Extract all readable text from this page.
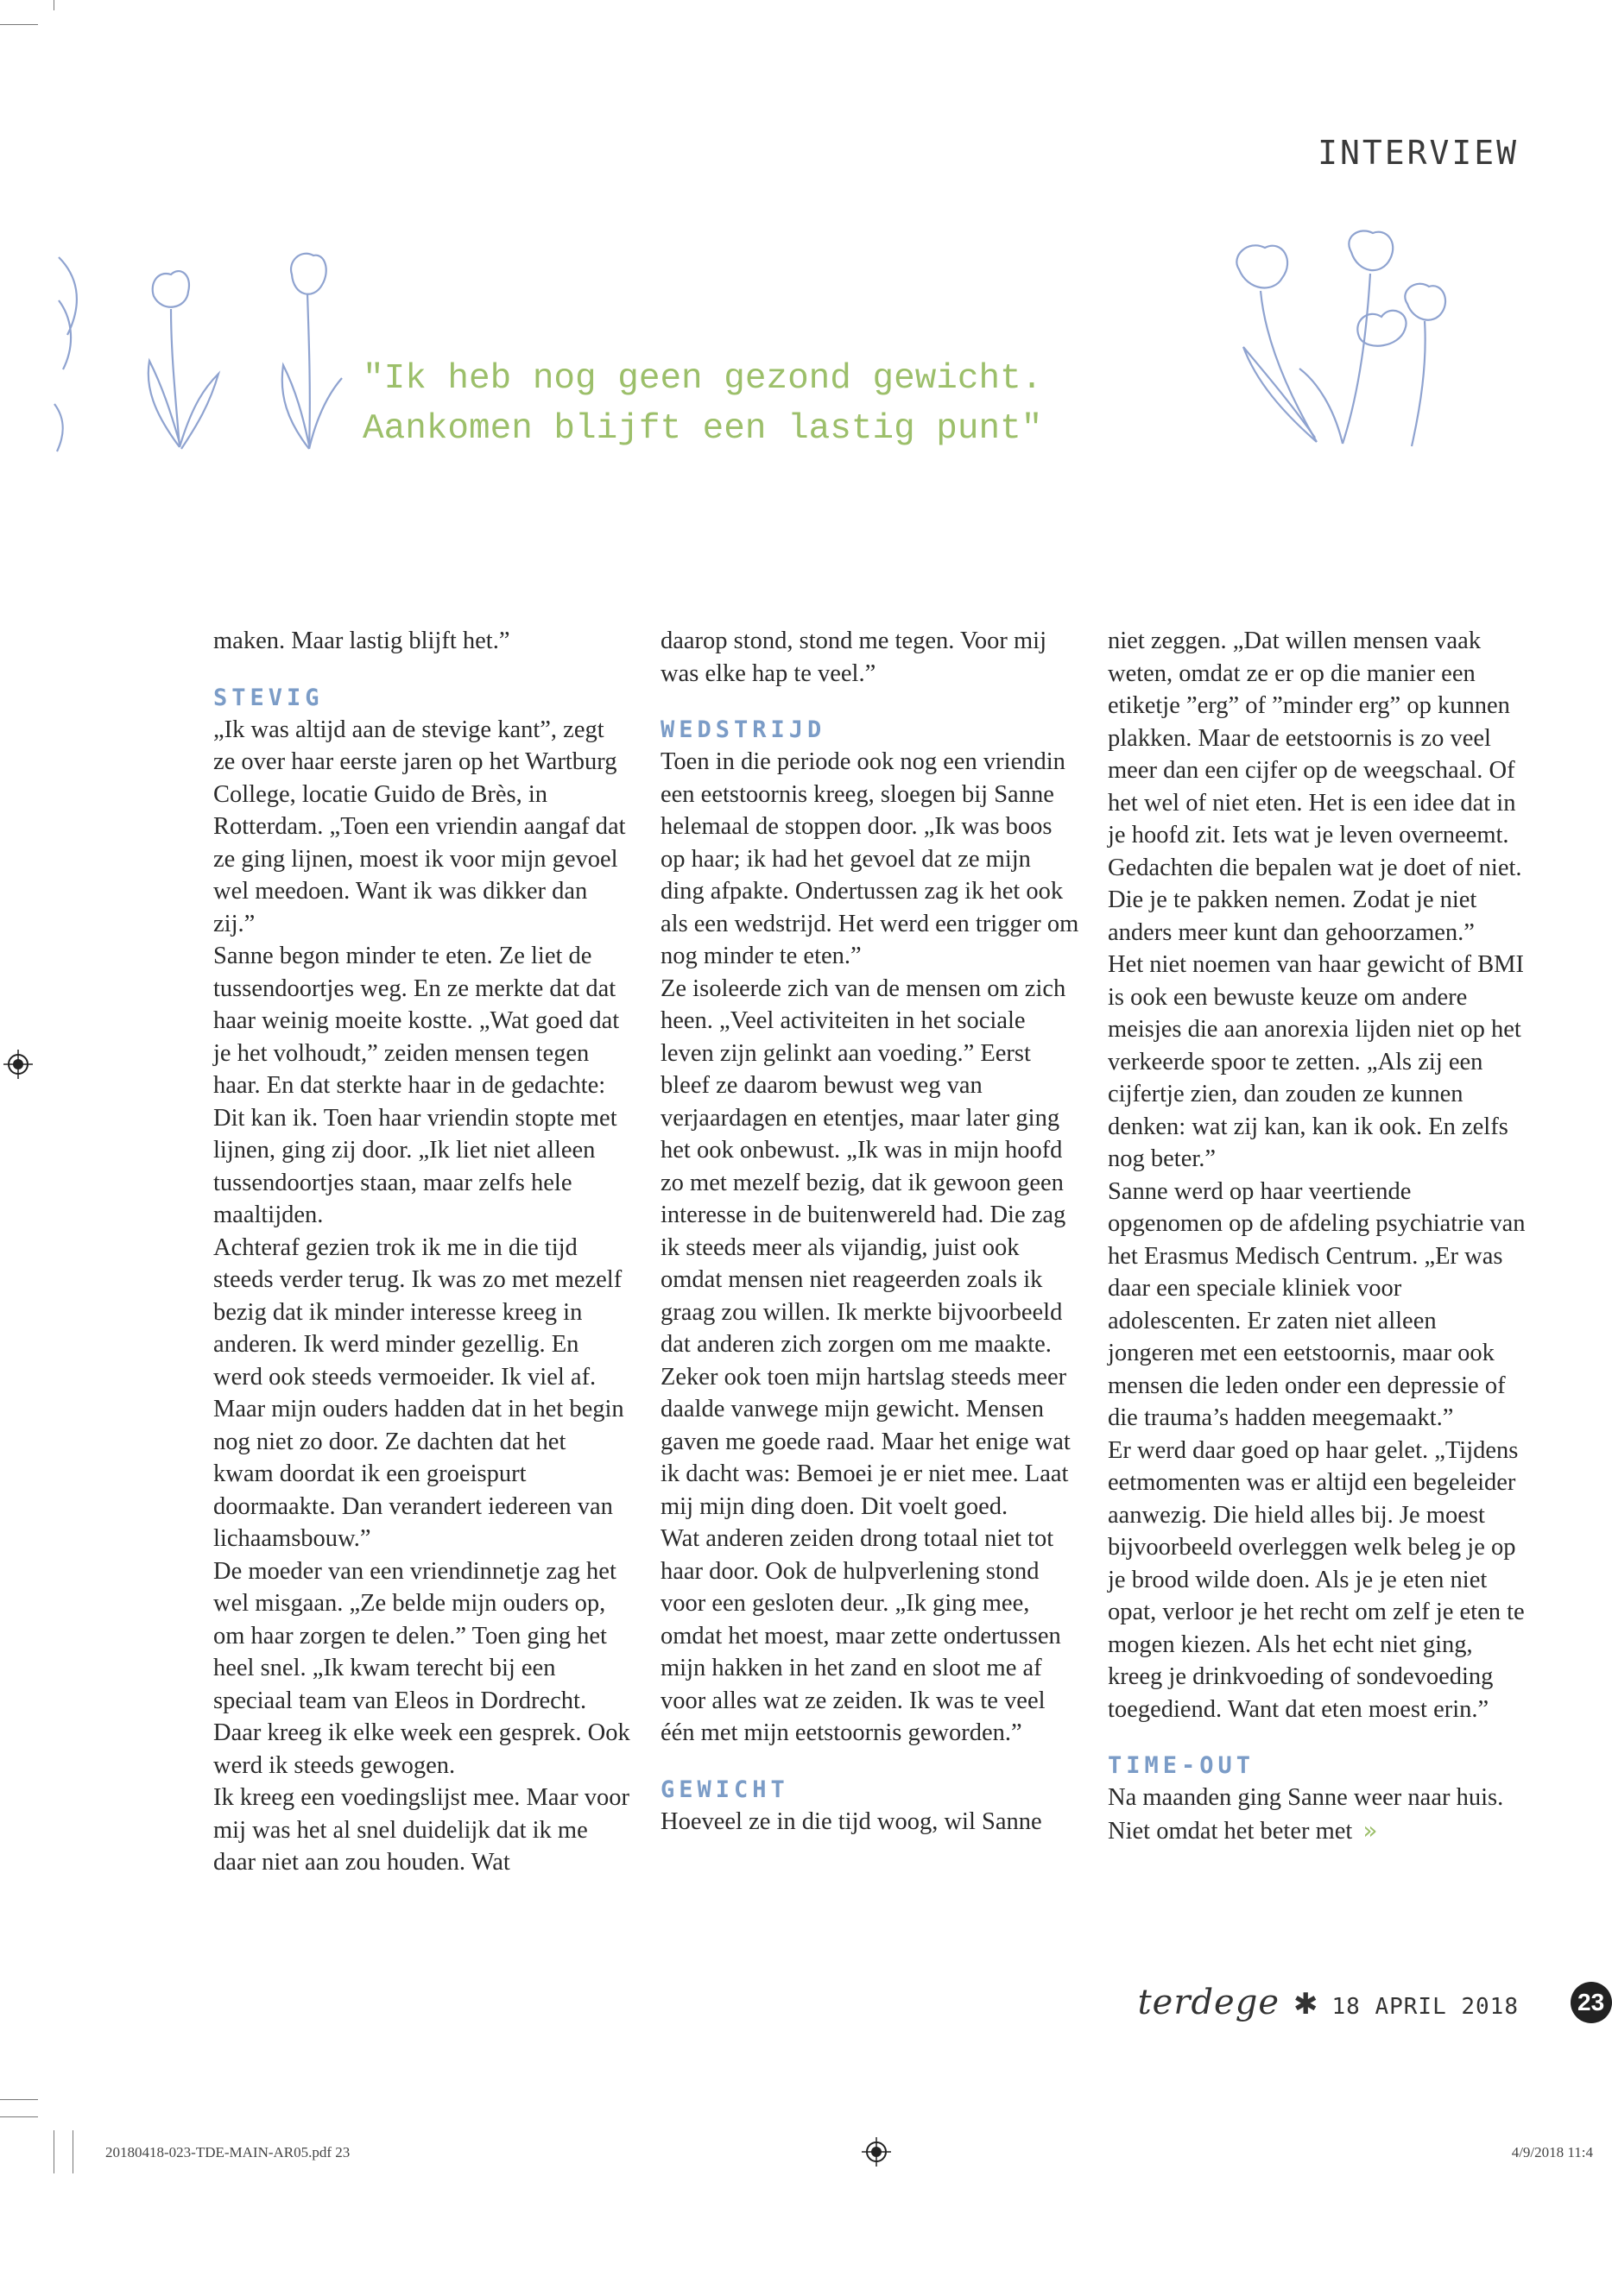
INTERVIEW
"Ik heb nog geen gezond gewicht.
Aankomen blijft een lastig punt"

maken. Maar lastig blijft het.”

STEVIG

„Ik was altijd aan de stevige kant”, zegt ze over haar eerste jaren op het Wartburg College, locatie Guido de Brès, in Rotterdam. „Toen een vriendin aangaf dat ze ging lijnen, moest ik voor mijn gevoel wel meedoen. Want ik was dikker dan zij.”

Sanne begon minder te eten. Ze liet de tussendoortjes weg. En ze merkte dat dat haar weinig moeite kostte. „Wat goed dat je het volhoudt,” zeiden mensen tegen haar. En dat sterkte haar in de gedachte: Dit kan ik. Toen haar vriendin stopte met lijnen, ging zij door. „Ik liet niet alleen tussendoortjes staan, maar zelfs hele maaltijden.

Achteraf gezien trok ik me in die tijd steeds verder terug. Ik was zo met mezelf bezig dat ik minder interesse kreeg in anderen. Ik werd minder gezellig. En werd ook steeds vermoeider. Ik viel af. Maar mijn ouders hadden dat in het begin nog niet zo door. Ze dachten dat het kwam doordat ik een groeispurt doormaakte. Dan verandert iedereen van lichaamsbouw.”

De moeder van een vriendinnetje zag het wel misgaan. „Ze belde mijn ouders op, om haar zorgen te delen.” Toen ging het heel snel. „Ik kwam terecht bij een speciaal team van Eleos in Dordrecht. Daar kreeg ik elke week een gesprek. Ook werd ik steeds gewogen.

Ik kreeg een voedingslijst mee. Maar voor mij was het al snel duidelijk dat ik me daar niet aan zou houden. Wat

daarop stond, stond me tegen. Voor mij was elke hap te veel.”

WEDSTRIJD

Toen in die periode ook nog een vriendin een eetstoornis kreeg, sloegen bij Sanne helemaal de stoppen door. „Ik was boos op haar; ik had het gevoel dat ze mijn ding afpakte. Ondertussen zag ik het ook als een wedstrijd. Het werd een trigger om nog minder te eten.”

Ze isoleerde zich van de mensen om zich heen. „Veel activiteiten in het sociale leven zijn gelinkt aan voeding.” Eerst bleef ze daarom bewust weg van verjaardagen en etentjes, maar later ging het ook onbewust. „Ik was in mijn hoofd zo met mezelf bezig, dat ik gewoon geen interesse in de buitenwereld had. Die zag ik steeds meer als vijandig, juist ook omdat mensen niet reageerden zoals ik graag zou willen. Ik merkte bijvoorbeeld dat anderen zich zorgen om me maakte. Zeker ook toen mijn hartslag steeds meer daalde vanwege mijn gewicht. Mensen gaven me goede raad. Maar het enige wat ik dacht was: Bemoei je er niet mee. Laat mij mijn ding doen. Dit voelt goed.

Wat anderen zeiden drong totaal niet tot haar door. Ook de hulpverlening stond voor een gesloten deur. „Ik ging mee, omdat het moest, maar zette ondertussen mijn hakken in het zand en sloot me af voor alles wat ze zeiden. Ik was te veel één met mijn eetstoornis geworden.”

GEWICHT

Hoeveel ze in die tijd woog, wil Sanne

niet zeggen. „Dat willen mensen vaak weten, omdat ze er op die manier een etiketje ”erg” of ”minder erg” op kunnen plakken. Maar de eetstoornis is zo veel meer dan een cijfer op de weegschaal. Of het wel of niet eten. Het is een idee dat in je hoofd zit. Iets wat je leven overneemt. Gedachten die bepalen wat je doet of niet. Die je te pakken nemen. Zodat je niet anders meer kunt dan gehoorzamen.”

Het niet noemen van haar gewicht of BMI is ook een bewuste keuze om andere meisjes die aan anorexia lijden niet op het verkeerde spoor te zetten. „Als zij een cijfertje zien, dan zouden ze kunnen denken: wat zij kan, kan ik ook. En zelfs nog beter.”

Sanne werd op haar veertiende opgenomen op de afdeling psychiatrie van het Erasmus Medisch Centrum. „Er was daar een speciale kliniek voor adolescenten. Er zaten niet alleen jongeren met een eetstoornis, maar ook mensen die leden onder een depressie of die trauma’s hadden meegemaakt.”

Er werd daar goed op haar gelet. „Tijdens eetmomenten was er altijd een begeleider aanwezig. Die hield alles bij. Je moest bijvoorbeeld overleggen welk beleg je op je brood wilde doen. Als je je eten niet opat, verloor je het recht om zelf je eten te mogen kiezen. Als het echt niet ging, kreeg je drinkvoeding of sondevoeding toegediend. Want dat eten moest erin.”

TIME-OUT

Na maanden ging Sanne weer naar huis. Niet omdat het beter met »

terdege ✱ 18 APRIL 2018 23
20180418-023-TDE-MAIN-AR05.pdf 23	4/9/2018 11:4
